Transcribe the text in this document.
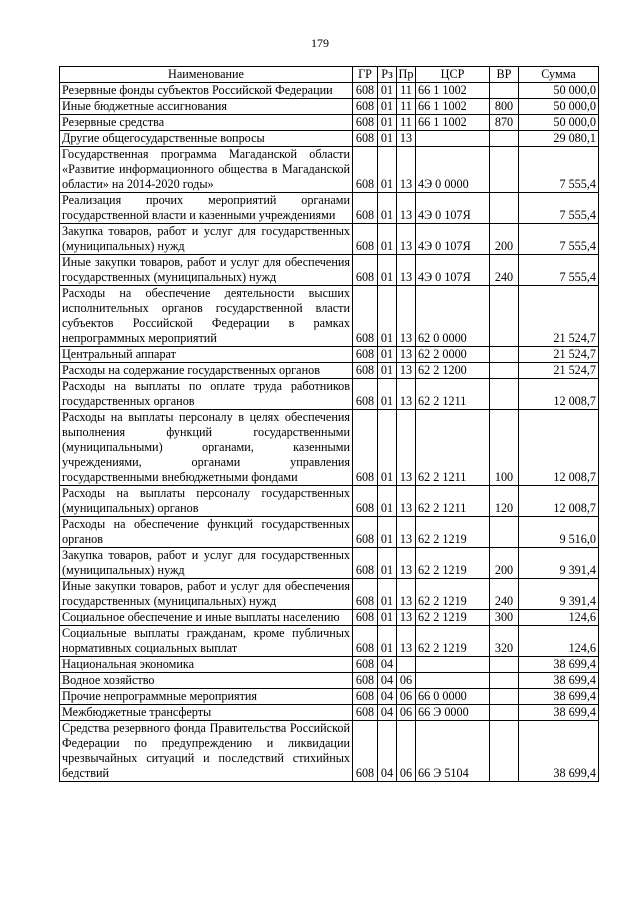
179
Наименование	ГР	Рз	Пр	ЦСР	ВР	Сумма

Резервные фонды субъектов Российской Федерации	608	01	11	66 1 1002		50 000,0

Иные бюджетные ассигнования	608	01	11	66 1 1002	800	50 000,0

Резервные средства	608	01	11	66 1 1002	870	50 000,0

Другие общегосударственные вопросы	608	01	13			29 080,1

Государственная программа Магаданской области «Развитие информационного общества в Магаданской области» на 2014-2020 годы»	608	01	13	4Э 0 0000		7 555,4

Реализация прочих мероприятий органами государственной власти и казенными учреждениями	608	01	13	4Э 0 107Я		7 555,4

Закупка товаров, работ и услуг для государственных (муниципальных) нужд	608	01	13	4Э 0 107Я	200	7 555,4

Иные закупки товаров, работ и услуг для обеспечения государственных (муниципальных) нужд	608	01	13	4Э 0 107Я	240	7 555,4

Расходы на обеспечение деятельности высших исполнительных органов государственной власти субъектов Российской Федерации в рамках непрограммных мероприятий	608	01	13	62 0 0000		21 524,7

Центральный аппарат	608	01	13	62 2 0000		21 524,7

Расходы на содержание государственных органов	608	01	13	62 2 1200		21 524,7

Расходы на выплаты по оплате труда работников государственных органов	608	01	13	62 2 1211		12 008,7

Расходы на выплаты персоналу в целях обеспечения выполнения функций государственными (муниципальными) органами, казенными учреждениями, органами управления государственными внебюджетными фондами	608	01	13	62 2 1211	100	12 008,7

Расходы на выплаты персоналу государственных (муниципальных) органов	608	01	13	62 2 1211	120	12 008,7

Расходы на обеспечение функций государственных органов	608	01	13	62 2 1219		9 516,0

Закупка товаров, работ и услуг для государственных (муниципальных) нужд	608	01	13	62 2 1219	200	9 391,4

Иные закупки товаров, работ и услуг для обеспечения государственных (муниципальных) нужд	608	01	13	62 2 1219	240	9 391,4

Социальное обеспечение и иные выплаты населению	608	01	13	62 2 1219	300	124,6

Социальные выплаты гражданам, кроме публичных нормативных социальных выплат	608	01	13	62 2 1219	320	124,6

Национальная экономика	608	04				38 699,4

Водное хозяйство	608	04	06			38 699,4

Прочие непрограммные мероприятия	608	04	06	66 0 0000		38 699,4

Межбюджетные трансферты	608	04	06	66 Э 0000		38 699,4

Средства резервного фонда Правительства Российской Федерации по предупреждению и ликвидации чрезвычайных ситуаций и последствий стихийных бедствий	608	04	06	66 Э 5104		38 699,4
